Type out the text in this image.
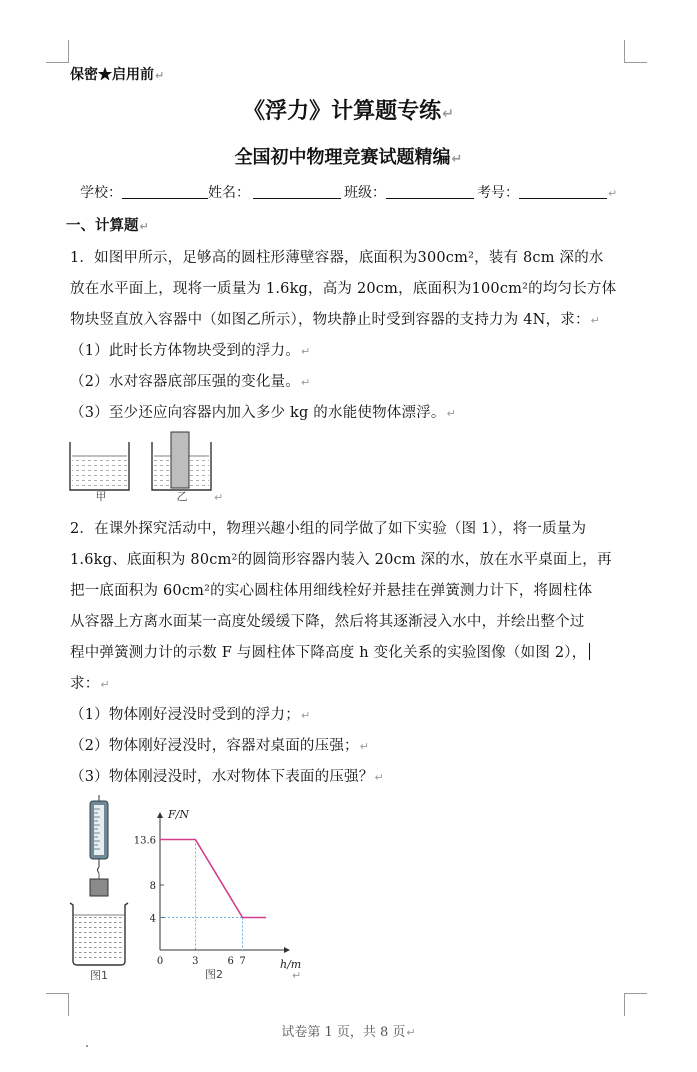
保密★启用前↵
《浮力》计算题专练↵
全国初中物理竞赛试题精编↵
学校：	姓名：	班级：	考号：	↵
一、计算题↵
1．如图甲所示，足够高的圆柱形薄壁容器，底面积为300cm²，装有 8cm 深的水
放在水平面上，现将一质量为 1.6kg，高为 20cm，底面积为100cm²的均匀长方体
物块竖直放入容器中（如图乙所示），物块静止时受到容器的支持力为 4N，求：↵
（1）此时长方体物块受到的浮力。↵
（2）水对容器底部压强的变化量。↵
（3）至少还应向容器内加入多少 kg 的水能使物体漂浮。↵
甲	乙 ↵
2．在课外探究活动中，物理兴趣小组的同学做了如下实验（图 1），将一质量为
1.6kg、底面积为 80cm²的圆筒形容器内装入 20cm 深的水，放在水平桌面上，再
把一底面积为 60cm²的实心圆柱体用细线栓好并悬挂在弹簧测力计下，将圆柱体
从容器上方离水面某一高度处缓缓下降，然后将其逐渐浸入水中，并绘出整个过
程中弹簧测力计的示数 F 与圆柱体下降高度 h 变化关系的实验图像（如图 2），
求：↵
（1）物体刚好浸没时受到的浮力；↵
（2）物体刚好浸没时，容器对桌面的压强；↵
（3）物体刚浸没时，水对物体下表面的压强？↵
图1
F/N
h/m
0
4
8
13.6
3	6 7
图2	↵
试卷第 1 页，共 8 页↵
